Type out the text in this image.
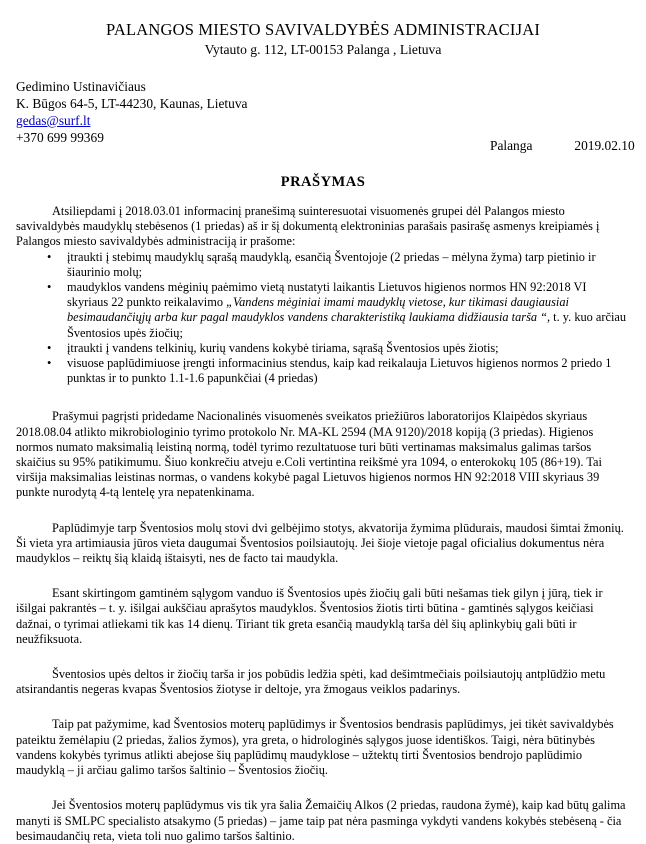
PALANGOS MIESTO SAVIVALDYBĖS ADMINISTRACIJAI
Vytauto g. 112, LT-00153 Palanga , Lietuva
Gedimino Ustinavičiaus
K. Būgos 64-5, LT-44230, Kaunas, Lietuva
gedas@surf.lt
+370 699 99369
Palanga	2019.02.10
PRAŠYMAS

Atsiliepdami į 2018.03.01 informacinį pranešimą suinteresuotai visuomenės grupei dėl Palangos miesto savivaldybės maudyklų stebėsenos (1 priedas) aš ir šį dokumentą elektroninias parašais pasirašę asmenys kreipiamės į Palangos miesto savivaldybės administraciją ir prašome:

• įtraukti į stebimų maudyklų sąrašą maudyklą, esančią Šventojoje (2 priedas – mėlyna žyma) tarp pietinio ir šiaurinio molų;
• maudyklos vandens mėginių paėmimo vietą nustatyti laikantis Lietuvos higienos normos HN 92:2018 VI skyriaus 22 punkto reikalavimo „Vandens mėginiai imami maudyklų vietose, kur tikimasi daugiausiai besimaudančiųjų arba kur pagal maudyklos vandens charakteristiką laukiama didžiausia tarša “, t. y. kuo arčiau Šventosios upės žiočių;
• įtraukti į vandens telkinių, kurių vandens kokybė tiriama, sąrašą Šventosios upės žiotis;
• visuose paplūdimiuose įrengti informacinius stendus, kaip kad reikalauja Lietuvos higienos normos 2 priedo 1 punktas ir to punkto 1.1-1.6 papunkčiai (4 priedas)

Prašymui pagrįsti pridedame Nacionalinės visuomenės sveikatos priežiūros laboratorijos Klaipėdos skyriaus 2018.08.04 atlikto mikrobiologinio tyrimo protokolo Nr. MA-KL 2594 (MA 9120)/2018 kopiją (3 priedas). Higienos normos numato maksimalią leistiną normą, todėl tyrimo rezultatuose turi būti vertinamas maksimalus galimas taršos skaičius su 95% patikimumu. Šiuo konkrečiu atveju e.Coli vertintina reikšmė yra 1094, o enterokokų 105 (86+19). Tai viršija maksimalias leistinas normas, o vandens kokybė pagal Lietuvos higienos normos HN 92:2018 VIII skyriaus 39 punkte nurodytą 4-tą lentelę yra nepatenkinama.

Paplūdimyje tarp Šventosios molų stovi dvi gelbėjimo stotys, akvatorija žymima plūdurais, maudosi šimtai žmonių. Ši vieta yra artimiausia jūros vieta daugumai Šventosios poilsiautojų. Jei šioje vietoje pagal oficialius dokumentus nėra maudyklos – reiktų šią klaidą ištaisyti, nes de facto tai maudykla.

Esant skirtingom gamtinėm sąlygom vanduo iš Šventosios upės žiočių gali būti nešamas tiek gilyn į jūrą, tiek ir išilgai pakrantės – t. y. išilgai aukščiau aprašytos maudyklos. Šventosios žiotis tirti būtina - gamtinės sąlygos keičiasi dažnai, o tyrimai atliekami tik kas 14 dienų. Tiriant tik greta esančią maudyklą tarša dėl šių aplinkybių gali būti ir neužfiksuota.

Šventosios upės deltos ir žiočių tarša ir jos pobūdis ledžia spėti, kad dešimtmečiais poilsiautojų antplūdžio metu atsirandantis negeras kvapas Šventosios žiotyse ir deltoje, yra žmogaus veiklos padarinys.

Taip pat pažymime, kad Šventosios moterų paplūdimys ir Šventosios bendrasis paplūdimys, jei tikėt savivaldybės pateiktu žemėlapiu (2 priedas, žalios žymos), yra greta, o hidrologinės sąlygos juose identiškos. Taigi, nėra būtinybės vandens kokybės tyrimus atlikti abejose šių paplūdimų maudyklose – užtektų tirti Šventosios bendrojo paplūdimio maudyklą – ji arčiau galimo taršos šaltinio – Šventosios žiočių.

Jei Šventosios moterų paplūdymus vis tik yra šalia Žemaičių Alkos (2 priedas, raudona žymė), kaip kad būtų galima manyti iš SMLPC specialisto atsakymo (5 priedas) – jame taip pat nėra pasminga vykdyti vandens kokybės stebėseną - čia besimaudančių reta, vieta toli nuo galimo taršos šaltinio.
